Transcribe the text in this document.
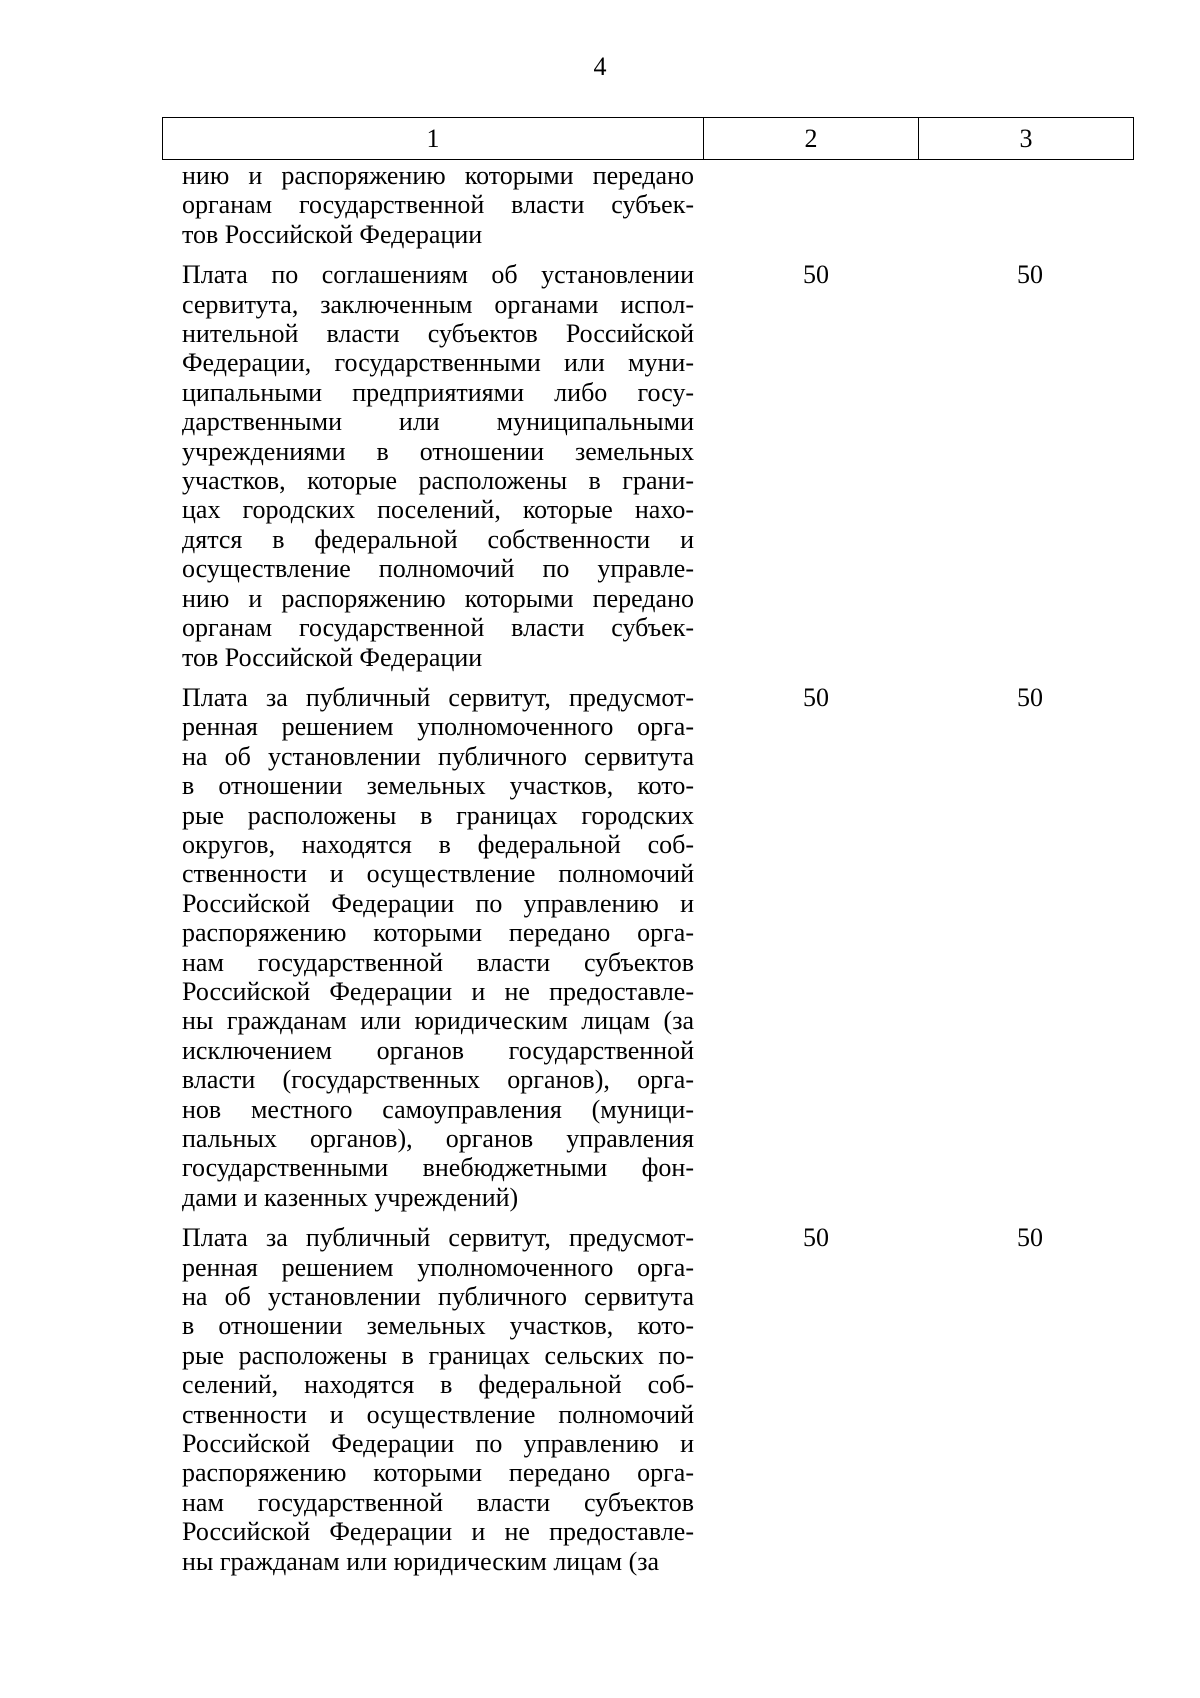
4
1	2	3
нию и распоряжению которыми передано
органам государственной власти субъек-
тов Российской Федерации
Плата по соглашениям об установлении
сервитута, заключенным органами испол-
нительной власти субъектов Российской
Федерации, государственными или муни-
ципальными предприятиями либо госу-
дарственными или муниципальными
учреждениями в отношении земельных
участков, которые расположены в грани-
цах городских поселений, которые нахо-
дятся в федеральной собственности и
осуществление полномочий по управле-
нию и распоряжению которыми передано
органам государственной власти субъек-
тов Российской Федерации
50	50
Плата за публичный сервитут, предусмот-
ренная решением уполномоченного орга-
на об установлении публичного сервитута
в отношении земельных участков, кото-
рые расположены в границах городских
округов, находятся в федеральной соб-
ственности и осуществление полномочий
Российской Федерации по управлению и
распоряжению которыми передано орга-
нам государственной власти субъектов
Российской Федерации и не предоставле-
ны гражданам или юридическим лицам (за
исключением органов государственной
власти (государственных органов), орга-
нов местного самоуправления (муници-
пальных органов), органов управления
государственными внебюджетными фон-
дами и казенных учреждений)
50	50
Плата за публичный сервитут, предусмот-
ренная решением уполномоченного орга-
на об установлении публичного сервитута
в отношении земельных участков, кото-
рые расположены в границах сельских по-
селений, находятся в федеральной соб-
ственности и осуществление полномочий
Российской Федерации по управлению и
распоряжению которыми передано орга-
нам государственной власти субъектов
Российской Федерации и не предоставле-
ны гражданам или юридическим лицам (за
50	50
